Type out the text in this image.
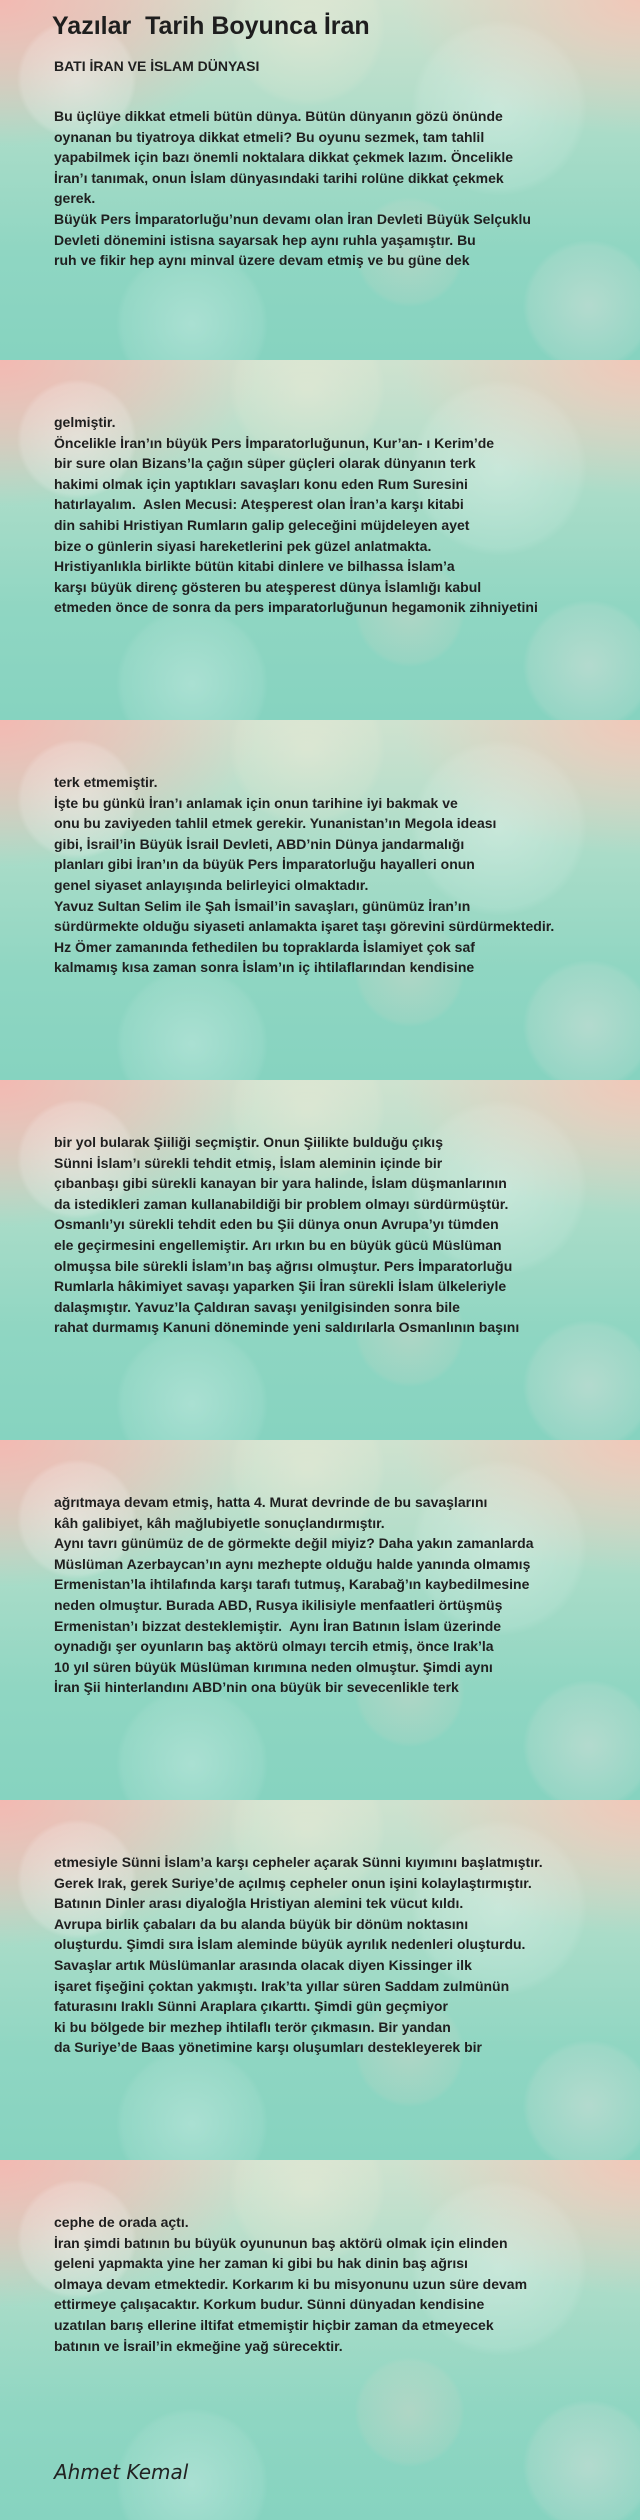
Yazılar  Tarih Boyunca İran
BATI İRAN VE İSLAM DÜNYASI

Bu üçlüye dikkat etmeli bütün dünya. Bütün dünyanın gözü önünde
oynanan bu tiyatroya dikkat etmeli? Bu oyunu sezmek, tam tahlil
yapabilmek için bazı önemli noktalara dikkat çekmek lazım. Öncelikle
İran’ı tanımak, onun İslam dünyasındaki tarihi rolüne dikkat çekmek
gerek.
Büyük Pers İmparatorluğu’nun devamı olan İran Devleti Büyük Selçuklu
Devleti dönemini istisna sayarsak hep aynı ruhla yaşamıştır. Bu
ruh ve fikir hep aynı minval üzere devam etmiş ve bu güne dek

gelmiştir.
Öncelikle İran’ın büyük Pers İmparatorluğunun, Kur’an- ı Kerim’de
bir sure olan Bizans’la çağın süper güçleri olarak dünyanın terk
hakimi olmak için yaptıkları savaşları konu eden Rum Suresini
hatırlayalım.  Aslen Mecusi: Ateşperest olan İran’a karşı kitabi
din sahibi Hristiyan Rumların galip geleceğini müjdeleyen ayet
bize o günlerin siyasi hareketlerini pek güzel anlatmakta.
Hristiyanlıkla birlikte bütün kitabi dinlere ve bilhassa İslam’a
karşı büyük direnç gösteren bu ateşperest dünya İslamlığı kabul
etmeden önce de sonra da pers imparatorluğunun hegamonik zihniyetini

terk etmemiştir.
İşte bu günkü İran’ı anlamak için onun tarihine iyi bakmak ve
onu bu zaviyeden tahlil etmek gerekir. Yunanistan’ın Megola ideası
gibi, İsrail’in Büyük İsrail Devleti, ABD’nin Dünya jandarmalığı
planları gibi İran’ın da büyük Pers İmparatorluğu hayalleri onun
genel siyaset anlayışında belirleyici olmaktadır.
Yavuz Sultan Selim ile Şah İsmail’in savaşları, günümüz İran’ın
sürdürmekte olduğu siyaseti anlamakta işaret taşı görevini sürdürmektedir.
Hz Ömer zamanında fethedilen bu topraklarda İslamiyet çok saf
kalmamış kısa zaman sonra İslam’ın iç ihtilaflarından kendisine

bir yol bularak Şiiliği seçmiştir. Onun Şiilikte bulduğu çıkış
Sünni İslam’ı sürekli tehdit etmiş, İslam aleminin içinde bir
çıbanbaşı gibi sürekli kanayan bir yara halinde, İslam düşmanlarının
da istedikleri zaman kullanabildiği bir problem olmayı sürdürmüştür.
Osmanlı’yı sürekli tehdit eden bu Şii dünya onun Avrupa’yı tümden
ele geçirmesini engellemiştir. Arı ırkın bu en büyük gücü Müslüman
olmuşsa bile sürekli İslam’ın baş ağrısı olmuştur. Pers İmparatorluğu
Rumlarla hâkimiyet savaşı yaparken Şii İran sürekli İslam ülkeleriyle
dalaşmıştır. Yavuz’la Çaldıran savaşı yenilgisinden sonra bile
rahat durmamış Kanuni döneminde yeni saldırılarla Osmanlının başını

ağrıtmaya devam etmiş, hatta 4. Murat devrinde de bu savaşlarını
kâh galibiyet, kâh mağlubiyetle sonuçlandırmıştır.
Aynı tavrı günümüz de de görmekte değil miyiz? Daha yakın zamanlarda
Müslüman Azerbaycan’ın aynı mezhepte olduğu halde yanında olmamış
Ermenistan’la ihtilafında karşı tarafı tutmuş, Karabağ’ın kaybedilmesine
neden olmuştur. Burada ABD, Rusya ikilisiyle menfaatleri örtüşmüş
Ermenistan’ı bizzat desteklemiştir.  Aynı İran Batının İslam üzerinde
oynadığı şer oyunların baş aktörü olmayı tercih etmiş, önce Irak’la
10 yıl süren büyük Müslüman kırımına neden olmuştur. Şimdi aynı
İran Şii hinterlandını ABD’nin ona büyük bir sevecenlikle terk

etmesiyle Sünni İslam’a karşı cepheler açarak Sünni kıyımını başlatmıştır.
Gerek Irak, gerek Suriye’de açılmış cepheler onun işini kolaylaştırmıştır.
Batının Dinler arası diyaloğla Hristiyan alemini tek vücut kıldı.
Avrupa birlik çabaları da bu alanda büyük bir dönüm noktasını
oluşturdu. Şimdi sıra İslam aleminde büyük ayrılık nedenleri oluşturdu.
Savaşlar artık Müslümanlar arasında olacak diyen Kissinger ilk
işaret fişeğini çoktan yakmıştı. Irak’ta yıllar süren Saddam zulmünün
faturasını Iraklı Sünni Araplara çıkarttı. Şimdi gün geçmiyor
ki bu bölgede bir mezhep ihtilaflı terör çıkmasın. Bir yandan
da Suriye’de Baas yönetimine karşı oluşumları destekleyerek bir

cephe de orada açtı.
İran şimdi batının bu büyük oyununun baş aktörü olmak için elinden
geleni yapmakta yine her zaman ki gibi bu hak dinin baş ağrısı
olmaya devam etmektedir. Korkarım ki bu misyonunu uzun süre devam
ettirmeye çalışacaktır. Korkum budur. Sünni dünyadan kendisine
uzatılan barış ellerine iltifat etmemiştir hiçbir zaman da etmeyecek
batının ve İsrail’in ekmeğine yağ sürecektir.

Ahmet Kemal
